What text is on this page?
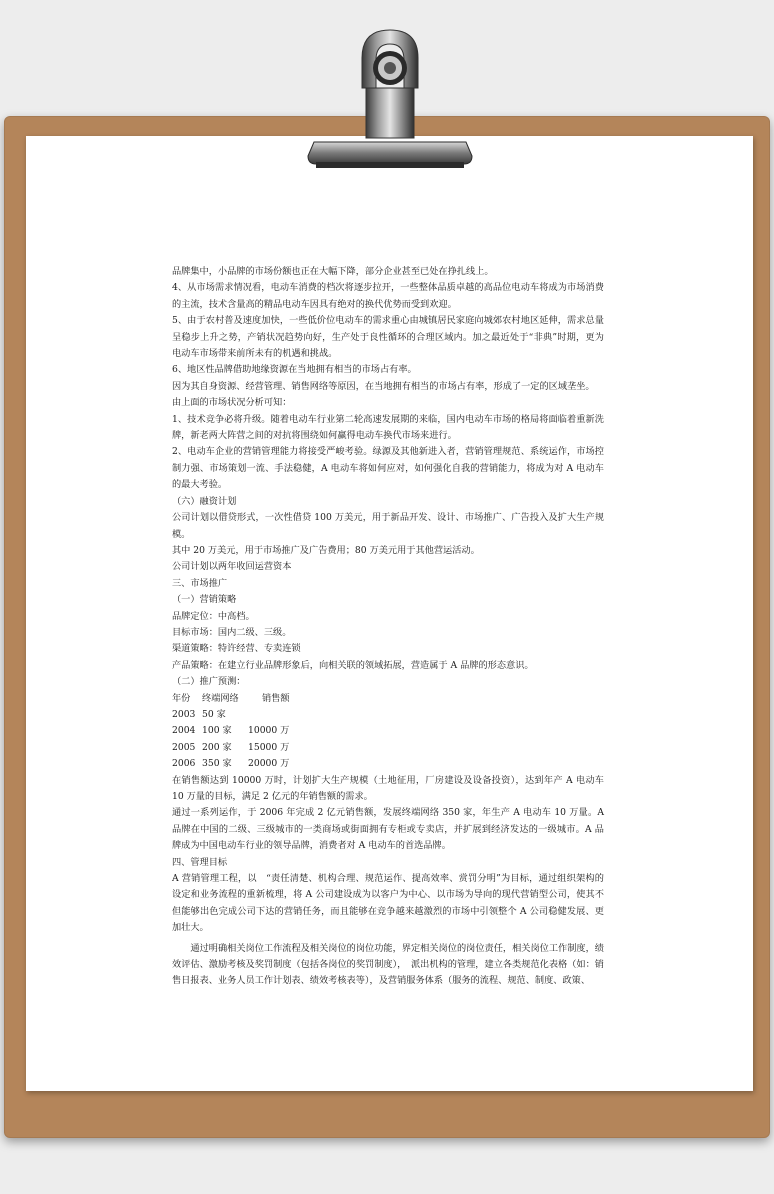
品牌集中，小品牌的市场份额也正在大幅下降，部分企业甚至已处在挣扎线上。

4、从市场需求情况看，电动车消费的档次将逐步拉开，一些整体品质卓越的高品位电动车将成为市场消费的主流，技术含量高的精品电动车因具有绝对的换代优势而受到欢迎。

5、由于农村普及速度加快，一些低价位电动车的需求重心由城镇居民家庭向城郊农村地区延伸，需求总量呈稳步上升之势，产销状况趋势向好，生产处于良性循环的合理区域内。加之最近处于“非典”时期，更为电动车市场带来前所未有的机遇和挑战。

6、地区性品牌借助地缘资源在当地拥有相当的市场占有率。

因为其自身资源、经营管理、销售网络等原因，在当地拥有相当的市场占有率，形成了一定的区域垄坐。

由上面的市场状况分析可知：

1、技术竞争必将升级。随着电动车行业第二轮高速发展期的来临，国内电动车市场的格局将面临着重新洗牌，新老两大阵营之间的对抗将围绕如何赢得电动车换代市场来进行。

2、电动车企业的营销管理能力将接受严峻考验。绿源及其他新进入者，营销管理规范、系统运作，市场控制力强、市场策划一流、手法稳健，A 电动车将如何应对，如何强化自我的营销能力，将成为对 A 电动车的最大考验。

（六）融资计划

公司计划以借贷形式，一次性借贷 100 万美元，用于新品开发、设计、市场推广、广告投入及扩大生产规模。

其中 20 万美元，用于市场推广及广告费用；80 万美元用于其他营运活动。

公司计划以两年收回运营资本

三、市场推广

（一）营销策略

品牌定位：中高档。

目标市场：国内二级、三级。

渠道策略：特许经营、专卖连锁

产品策略：在建立行业品牌形象后，向相关联的领域拓展，营造属于 A 品牌的形态意识。

（二）推广预测：

年份	终端网络	销售额
2003 50 家
2004 100 家	10000 万
2005 200 家	15000 万
2006 350 家	20000 万

在销售额达到 10000 万时，计划扩大生产规模（土地征用，厂房建设及设备投资），达到年产 A 电动车 10 万量的目标，满足 2 亿元的年销售额的需求。

通过一系列运作，于 2006 年完成 2 亿元销售额，发展终端网络 350 家，年生产 A 电动车 10 万量。A 品牌在中国的二级、三级城市的一类商场或街面拥有专柜或专卖店，并扩展到经济发达的一级城市。A 品牌成为中国电动车行业的领导品牌，消费者对 A 电动车的首选品牌。

四、管理目标

A 营销管理工程，以　“责任清楚、机构合理、规范运作、提高效率、赏罚分明”为目标，通过组织架构的设定和业务流程的重新梳理，将 A 公司建设成为以客户为中心、以市场为导向的现代营销型公司，使其不但能够出色完成公司下达的营销任务，而且能够在竞争越来越激烈的市场中引领整个 A 公司稳健发展、更加壮大。

通过明确相关岗位工作流程及相关岗位的岗位功能，界定相关岗位的岗位责任，相关岗位工作制度，绩效评估、激励考核及奖罚制度（包括各岗位的奖罚制度），　派出机构的管理，建立各类规范化表格（如：销售日报表、业务人员工作计划表、绩效考核表等），及营销服务体系（服务的流程、规范、制度、政策、
